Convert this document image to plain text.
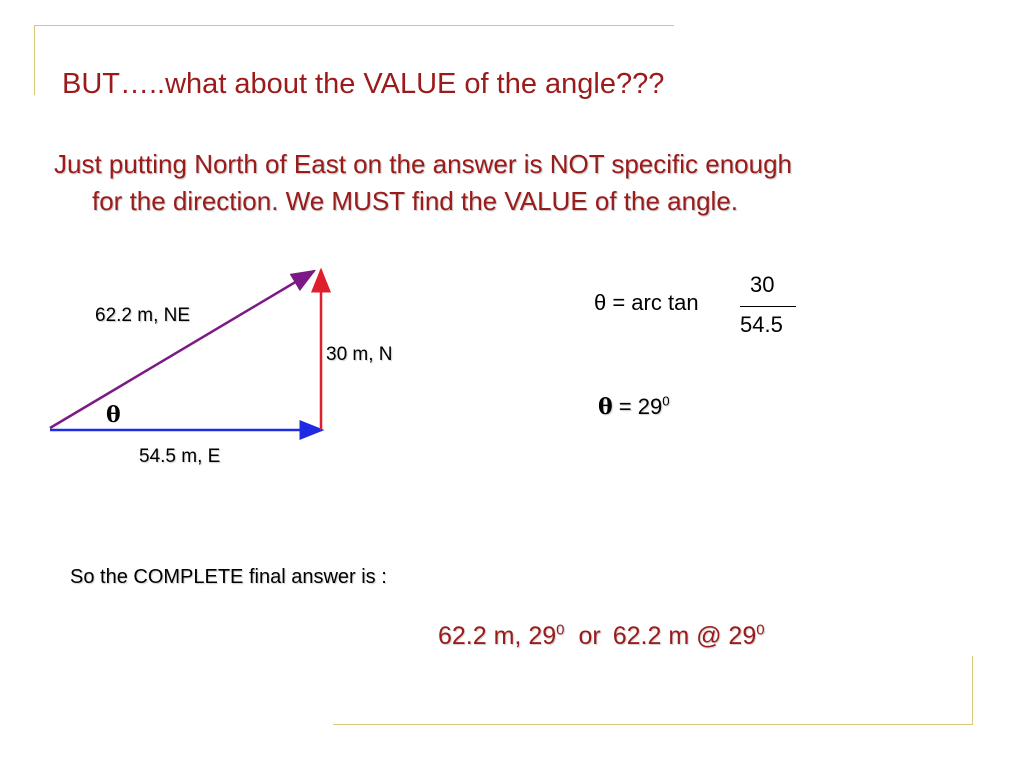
BUT…..what about the VALUE of the angle???
Just putting North of East on the answer is NOT specific enough
for the direction. We MUST find the VALUE of the angle.
62.2 m, NE
30 m, N
54.5 m, E
θ
θ = arc tan
30
54.5
$\theta = 29^0$
So the COMPLETE final answer is :
62.2 m, $29^0$ or 62.2 m @ $29^0$
